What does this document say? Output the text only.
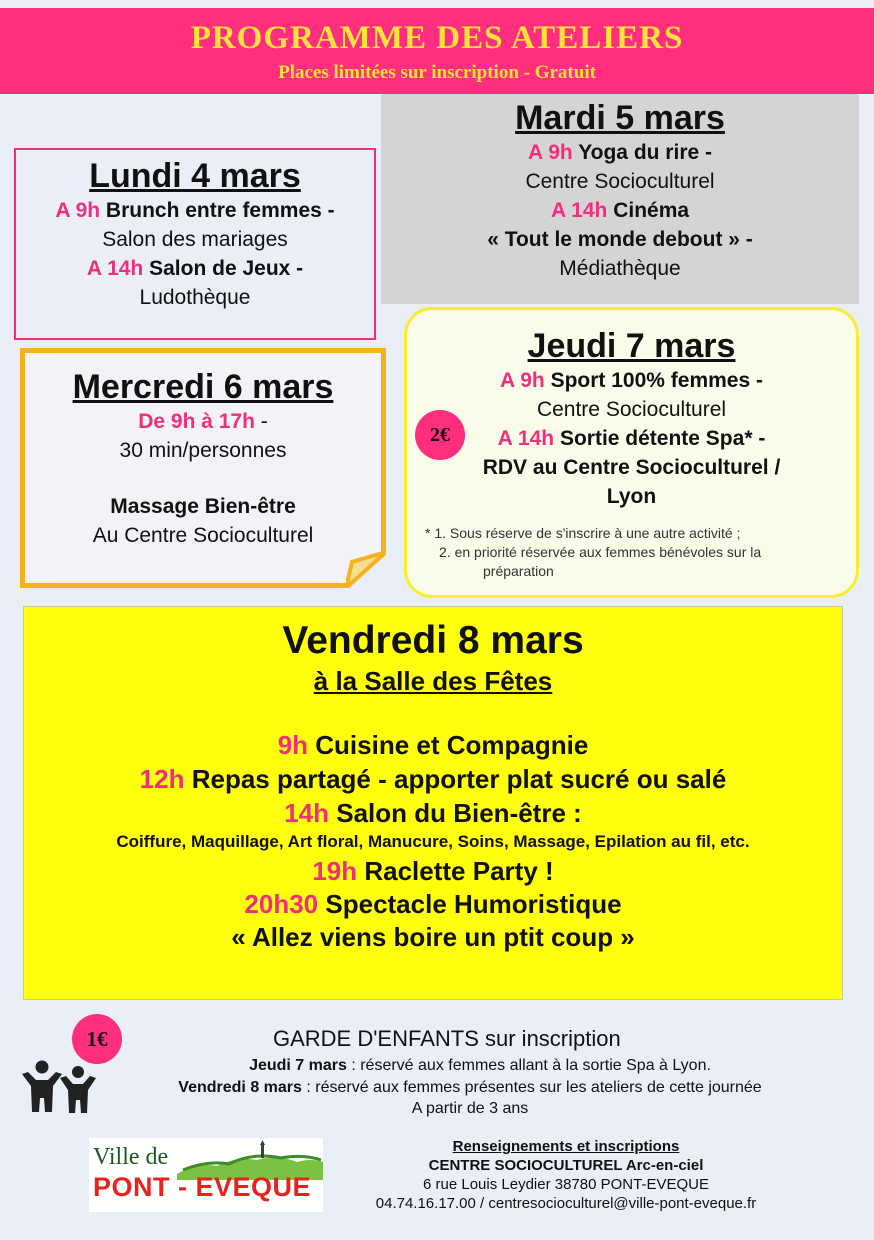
PROGRAMME DES ATELIERS
Places limitées sur inscription - Gratuit
Lundi 4 mars
A 9h Brunch entre femmes -
Salon des mariages
A 14h Salon de Jeux -
Ludothèque
Mardi 5 mars
A 9h Yoga du rire -
Centre Socioculturel
A 14h Cinéma
« Tout le monde debout » -
Médiathèque
Jeudi 7 mars
A 9h Sport 100% femmes -
Centre Socioculturel
A 14h Sortie détente Spa* -
RDV au Centre Socioculturel /
Lyon
* 1. Sous réserve de s'inscrire à une autre activité ;
2. en priorité réservée aux femmes bénévoles sur la
préparation
2€
Mercredi 6 mars
De 9h à 17h -
30 min/personnes
Massage Bien-être
Au Centre Socioculturel
Vendredi 8 mars
à la Salle des Fêtes
9h Cuisine et Compagnie
12h Repas partagé - apporter plat sucré ou salé
14h Salon du Bien-être :
Coiffure, Maquillage, Art floral, Manucure, Soins, Massage, Epilation au fil, etc.
19h Raclette Party !
20h30 Spectacle Humoristique
« Allez viens boire un ptit coup »
1€	GARDE D'ENFANTS sur inscription
Jeudi 7 mars : réservé aux femmes allant à la sortie Spa à Lyon.
Vendredi 8 mars : réservé aux femmes présentes sur les ateliers de cette journée
A partir de 3 ans
Ville de
PONT - EVEQUE
Renseignements et inscriptions
CENTRE SOCIOCULTUREL Arc-en-ciel
6 rue Louis Leydier 38780 PONT-EVEQUE
04.74.16.17.00 / centresocioculturel@ville-pont-eveque.fr
